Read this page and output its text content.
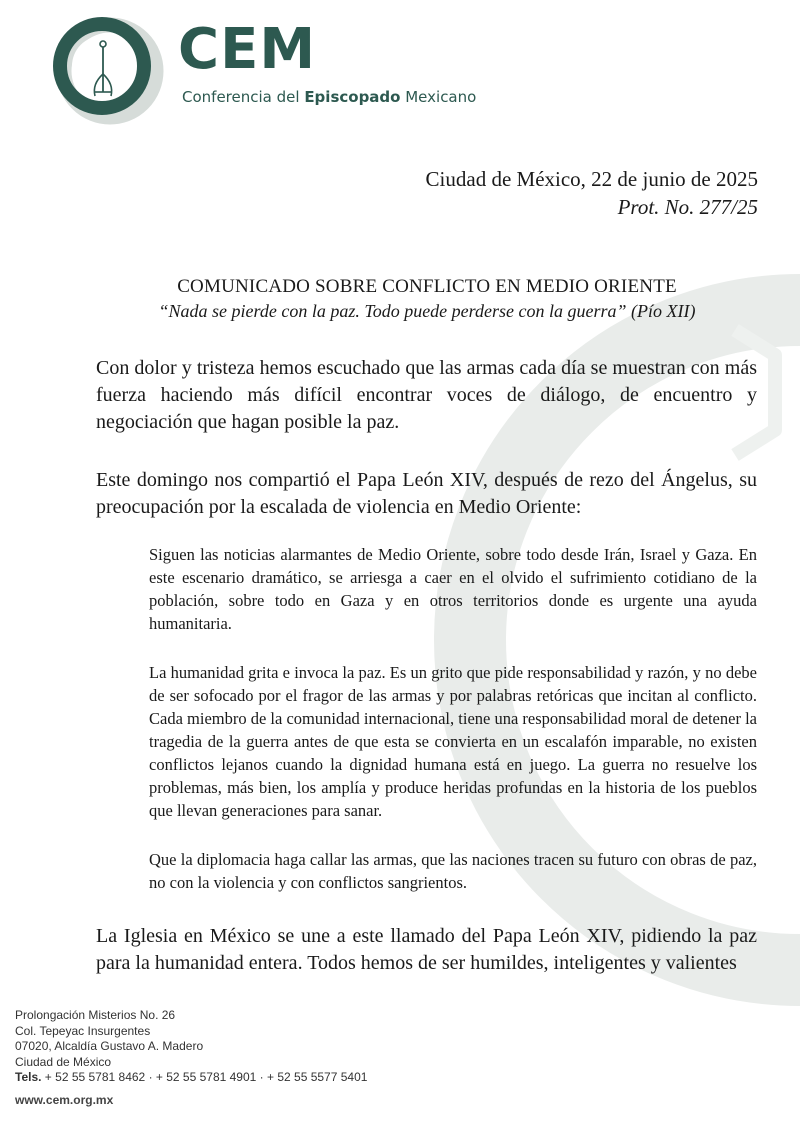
CEM
Conferencia del Episcopado Mexicano
Ciudad de México, 22 de junio de 2025
Prot. No. 277/25
COMUNICADO SOBRE CONFLICTO EN MEDIO ORIENTE
“Nada se pierde con la paz. Todo puede perderse con la guerra” (Pío XII)

Con dolor y tristeza hemos escuchado que las armas cada día se muestran con más fuerza haciendo más difícil encontrar voces de diálogo, de encuentro y negociación que hagan posible la paz.

Este domingo nos compartió el Papa León XIV, después de rezo del Ángelus, su preocupación por la escalada de violencia en Medio Oriente:

Siguen las noticias alarmantes de Medio Oriente, sobre todo desde Irán, Israel y Gaza. En este escenario dramático, se arriesga a caer en el olvido el sufrimiento cotidiano de la población, sobre todo en Gaza y en otros territorios donde es urgente una ayuda humanitaria.

La humanidad grita e invoca la paz. Es un grito que pide responsabilidad y razón, y no debe de ser sofocado por el fragor de las armas y por palabras retóricas que incitan al conflicto. Cada miembro de la comunidad internacional, tiene una responsabilidad moral de detener la tragedia de la guerra antes de que esta se convierta en un escalafón imparable, no existen conflictos lejanos cuando la dignidad humana está en juego. La guerra no resuelve los problemas, más bien, los amplía y produce heridas profundas en la historia de los pueblos que llevan generaciones para sanar.

Que la diplomacia haga callar las armas, que las naciones tracen su futuro con obras de paz, no con la violencia y con conflictos sangrientos.

La Iglesia en México se une a este llamado del Papa León XIV, pidiendo la paz para la humanidad entera. Todos hemos de ser humildes, inteligentes y valientes

Prolongación Misterios No. 26
Col. Tepeyac Insurgentes
07020, Alcaldía Gustavo A. Madero
Ciudad de México
Tels. + 52 55 5781 8462 · + 52 55 5781 4901 · + 52 55 5577 5401
www.cem.org.mx
